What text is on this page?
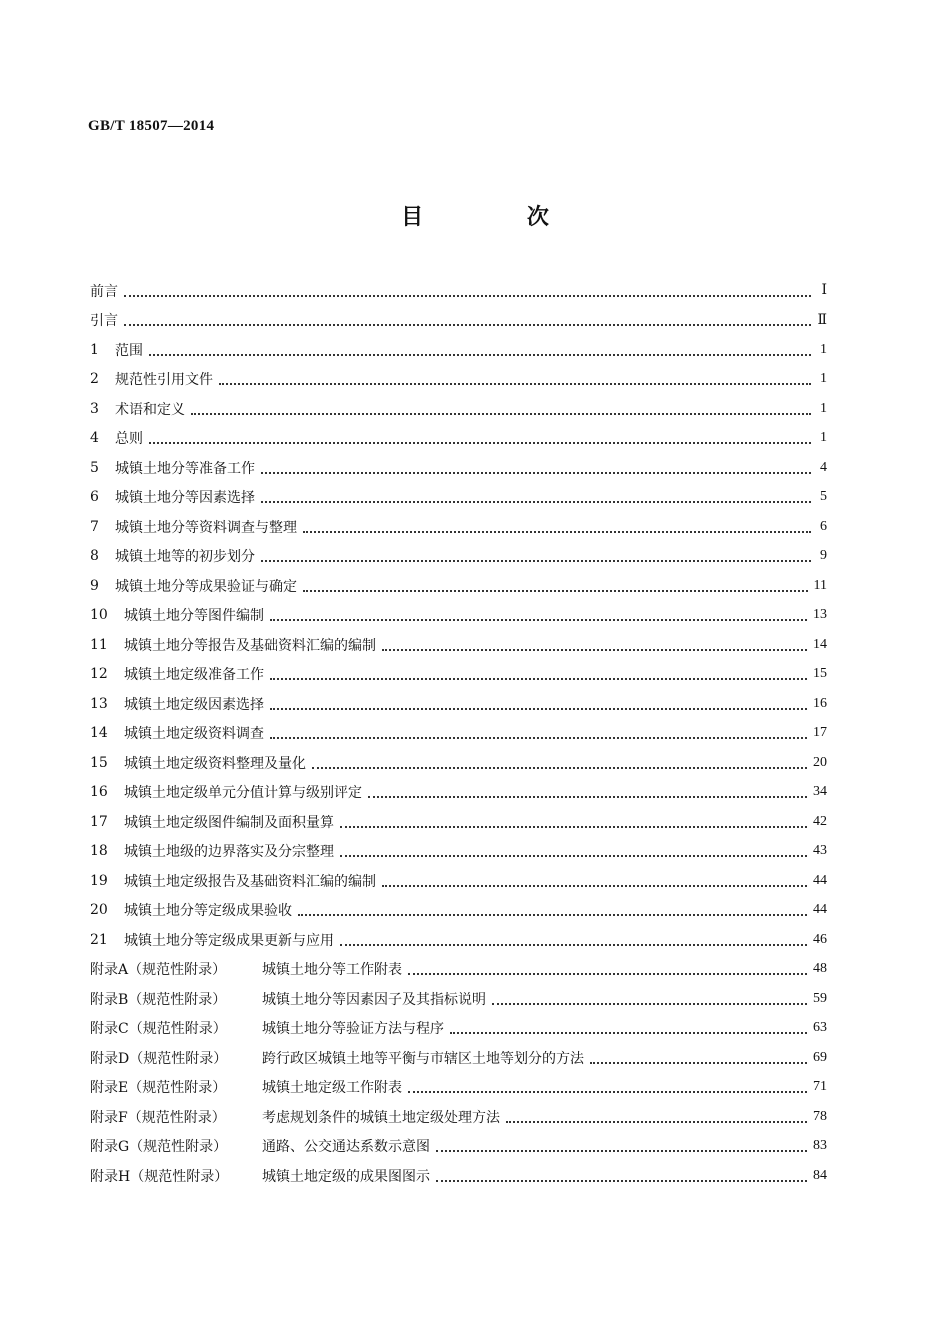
GB/T 18507—2014
目 次
前言	Ⅰ
引言	Ⅱ
1	范围	1
2	规范性引用文件	1
3	术语和定义	1
4	总则	1
5	城镇土地分等准备工作	4
6	城镇土地分等因素选择	5
7	城镇土地分等资料调查与整理	6
8	城镇土地等的初步划分	9
9	城镇土地分等成果验证与确定	11
10	城镇土地分等图件编制	13
11	城镇土地分等报告及基础资料汇编的编制	14
12	城镇土地定级准备工作	15
13	城镇土地定级因素选择	16
14	城镇土地定级资料调查	17
15	城镇土地定级资料整理及量化	20
16	城镇土地定级单元分值计算与级别评定	34
17	城镇土地定级图件编制及面积量算	42
18	城镇土地级的边界落实及分宗整理	43
19	城镇土地定级报告及基础资料汇编的编制	44
20	城镇土地分等定级成果验收	44
21	城镇土地分等定级成果更新与应用	46
附录A（规范性附录）	城镇土地分等工作附表	48
附录B（规范性附录）	城镇土地分等因素因子及其指标说明	59
附录C（规范性附录）	城镇土地分等验证方法与程序	63
附录D（规范性附录）	跨行政区城镇土地等平衡与市辖区土地等划分的方法	69
附录E（规范性附录）	城镇土地定级工作附表	71
附录F（规范性附录）	考虑规划条件的城镇土地定级处理方法	78
附录G（规范性附录）	通路、公交通达系数示意图	83
附录H（规范性附录）	城镇土地定级的成果图图示	84
